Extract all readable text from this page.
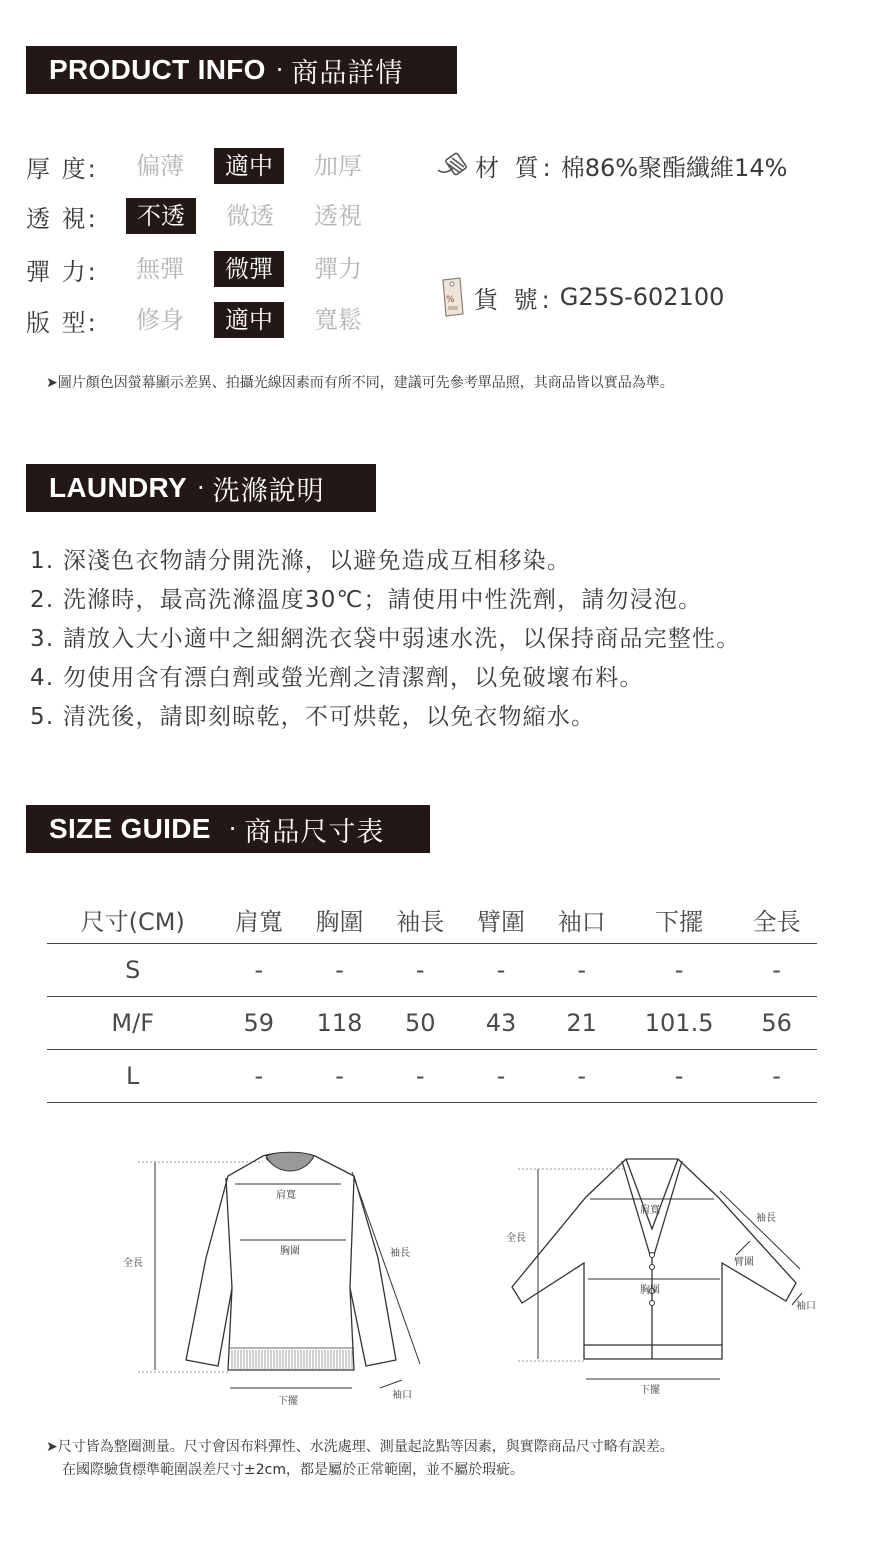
PRODUCT INFO · 商品詳情
厚 度:	偏薄	適中	加厚
透 視:	不透	微透	透視
彈 力:	無彈	微彈	彈力
版 型:	修身	適中	寬鬆
材 質: 棉86%聚酯纖維14%
% 貨 號: G25S-602100
➤圖片顏色因螢幕顯示差異、拍攝光線因素而有所不同，建議可先參考單品照，其商品皆以實品為準。
LAUNDRY · 洗滌說明
1. 深淺色衣物請分開洗滌，以避免造成互相移染。
2. 洗滌時，最高洗滌溫度30℃；請使用中性洗劑，請勿浸泡。
3. 請放入大小適中之細網洗衣袋中弱速水洗，以保持商品完整性。
4. 勿使用含有漂白劑或螢光劑之清潔劑，以免破壞布料。
5. 清洗後，請即刻晾乾，不可烘乾，以免衣物縮水。
SIZE GUIDE · 商品尺寸表
尺寸(CM)	肩寬	胸圍	袖長	臂圍	袖口	下擺	全長
S	-	-	-	-	-	-	-
M/F	59	118	50	43	21	101.5	56
L	-	-	-	-	-	-	-
肩寬
胸圍
全長
袖長
下擺
袖口
肩寬
胸圍
全長
袖長
臂圍
袖口
下擺
➤尺寸皆為整圈測量。尺寸會因布料彈性、水洗處理、測量起訖點等因素，與實際商品尺寸略有誤差。
在國際驗貨標準範圍誤差尺寸±2cm，都是屬於正常範圍，並不屬於瑕疵。
